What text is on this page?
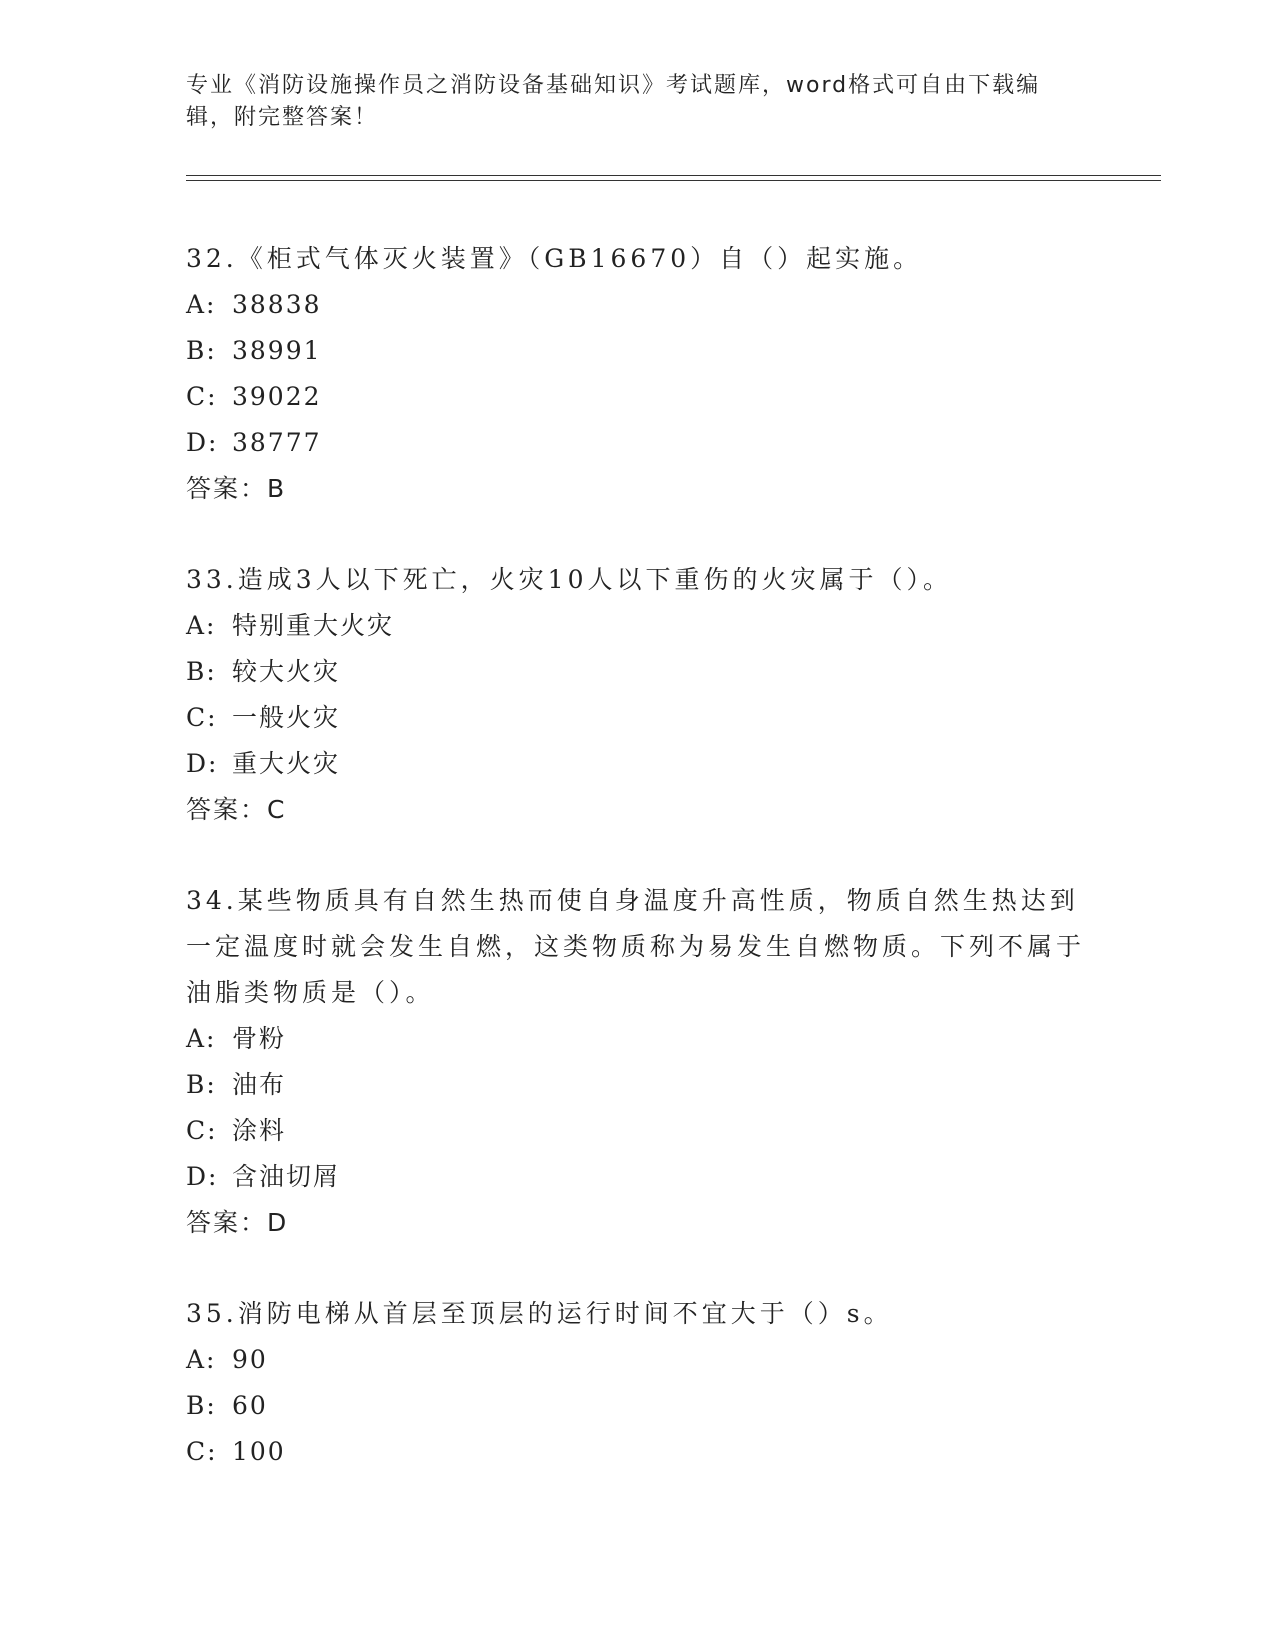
专业《消防设施操作员之消防设备基础知识》考试题库，word格式可自由下载编辑，附完整答案！
32.《柜式气体灭火装置》（GB16670）自（）起实施。
A: 38838
B: 38991
C: 39022
D: 38777
答案：B
33.造成3人以下死亡，火灾10人以下重伤的火灾属于（）。
A: 特别重大火灾
B: 较大火灾
C: 一般火灾
D: 重大火灾
答案：C
34.某些物质具有自然生热而使自身温度升高性质，物质自然生热达到一定温度时就会发生自燃，这类物质称为易发生自燃物质。下列不属于油脂类物质是（）。
A: 骨粉
B: 油布
C: 涂料
D: 含油切屑
答案：D
35.消防电梯从首层至顶层的运行时间不宜大于（）s。
A: 90
B: 60
C: 100
